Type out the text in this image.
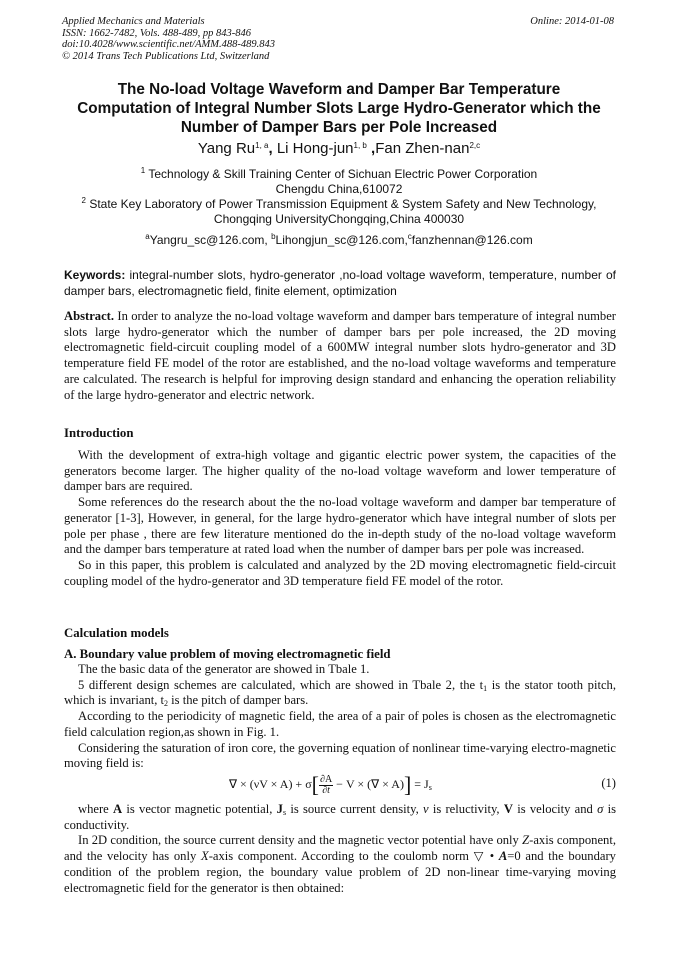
Applied Mechanics and Materials
ISSN: 1662-7482, Vols. 488-489, pp 843-846
doi:10.4028/www.scientific.net/AMM.488-489.843
© 2014 Trans Tech Publications Ltd, Switzerland
Online: 2014-01-08
The No-load Voltage Waveform and Damper Bar Temperature
Computation of Integral Number Slots Large Hydro-Generator which the
Number of Damper Bars per Pole Increased
Yang Ru$^{1, a}$, Li Hong-jun$^{1, b}$ ,Fan Zhen-nan$^{2,c}$
$^1$ Technology & Skill Training Center of Sichuan Electric Power Corporation
Chengdu China,610072
$^2$ State Key Laboratory of Power Transmission Equipment & System Safety and New Technology,
Chongqing UniversityChongqing,China 400030
$^a$Yangru_sc@126.com, $^b$Lihongjun_sc@126.com,$^c$fanzhennan@126.com
Keywords: integral-number slots, hydro-generator ,no-load voltage waveform, temperature, number of damper bars, electromagnetic field, finite element, optimization

Abstract. In order to analyze the no-load voltage waveform and damper bars temperature of integral number slots large hydro-generator which the number of damper bars per pole increased, the 2D moving electromagnetic field-circuit coupling model of a 600MW integral number slots hydro-generator and 3D temperature field FE model of the rotor are established, and the no-load voltage waveforms and temperature are calculated. The research is helpful for improving design standard and enhancing the operation reliability of the large hydro-generator and electric network.

Introduction

With the development of extra-high voltage and gigantic electric power system, the capacities of the generators become larger. The higher quality of the no-load voltage waveform and lower temperature of damper bars are required.

Some references do the research about the the no-load voltage waveform and damper bar temperature of generator [1-3], However, in general, for the large hydro-generator which have integral number of slots per pole per phase , there are few literature mentioned do the in-depth study of the no-load voltage waveform and the damper bars temperature at rated load when the number of damper bars per pole was increased.

So in this paper, this problem is calculated and analyzed by the 2D moving electromagnetic field-circuit coupling model of the hydro-generator and 3D temperature field FE model of the rotor.

Calculation models
A. Boundary value problem of moving electromagnetic field

The the basic data of the generator are showed in Tbale 1.

5 different design schemes are calculated, which are showed in Tbale 2, the $t_1$ is the stator tooth pitch, which is invariant, $t_2$ is the pitch of damper bars.

According to the periodicity of magnetic field, the area of a pair of poles is chosen as the electromagnetic field calculation region,as shown in Fig. 1.

Considering the saturation of iron core, the governing equation of nonlinear time-varying electro-magnetic moving field is:

∇ × $(\nu V \times A) + \sigma[ \frac{\partial A}{\partial t} - V$ × (∇ × $A)] = J_s$	(1)

where A is vector magnetic potential, $J_s$ is source current density, ν is reluctivity, V is velocity and σ is conductivity.

In 2D condition, the source current density and the magnetic vector potential have only Z-axis component, and the velocity has only X-axis component. According to the coulomb norm ▽ • A=0 and the boundary condition of the problem region, the boundary value problem of 2D non-linear time-varying moving electromagnetic field for the generator is then obtained:
